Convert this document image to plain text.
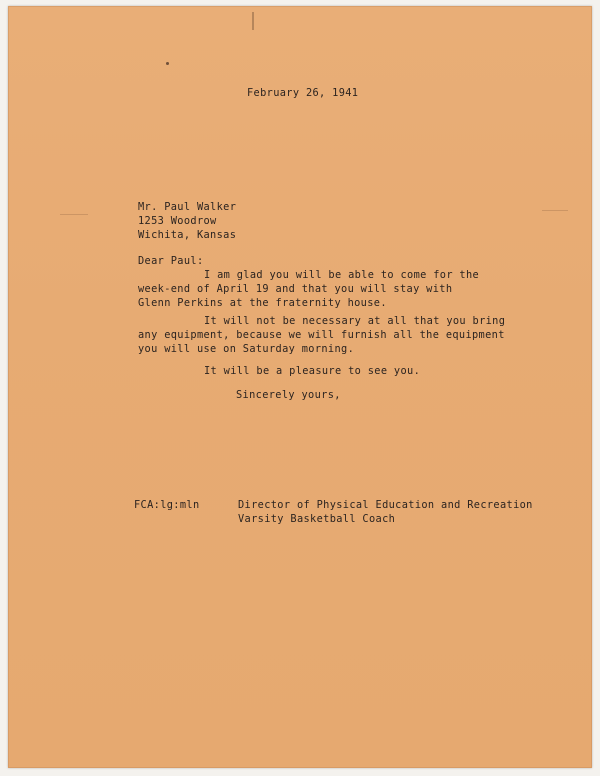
February 26, 1941
Mr. Paul Walker
1253 Woodrow
Wichita, Kansas
Dear Paul:
I am glad you will be able to come for the
week-end of April 19 and that you will stay with
Glenn Perkins at the fraternity house.
It will not be necessary at all that you bring
any equipment, because we will furnish all the equipment
you will use on Saturday morning.
It will be a pleasure to see you.
Sincerely yours,
FCA:lg:mln	Director of Physical Education and Recreation
Varsity Basketball Coach
